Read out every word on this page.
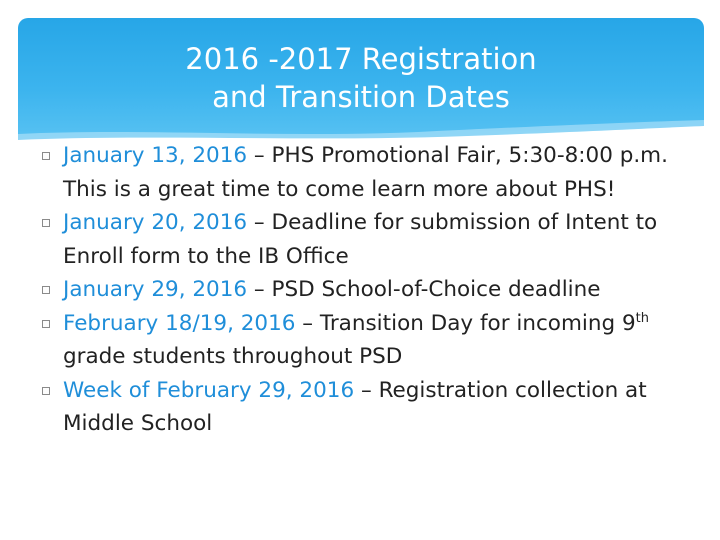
2016 -2017 Registration
and Transition Dates
January 13, 2016 – PHS Promotional Fair, 5:30-8:00 p.m. This is a great time to come learn more about PHS!
January 20, 2016 – Deadline for submission of Intent to Enroll form to the IB Office
January 29, 2016 – PSD School-of-Choice deadline
February 18/19, 2016 – Transition Day for incoming 9th grade students throughout PSD
Week of February 29, 2016 – Registration collection at Middle School
